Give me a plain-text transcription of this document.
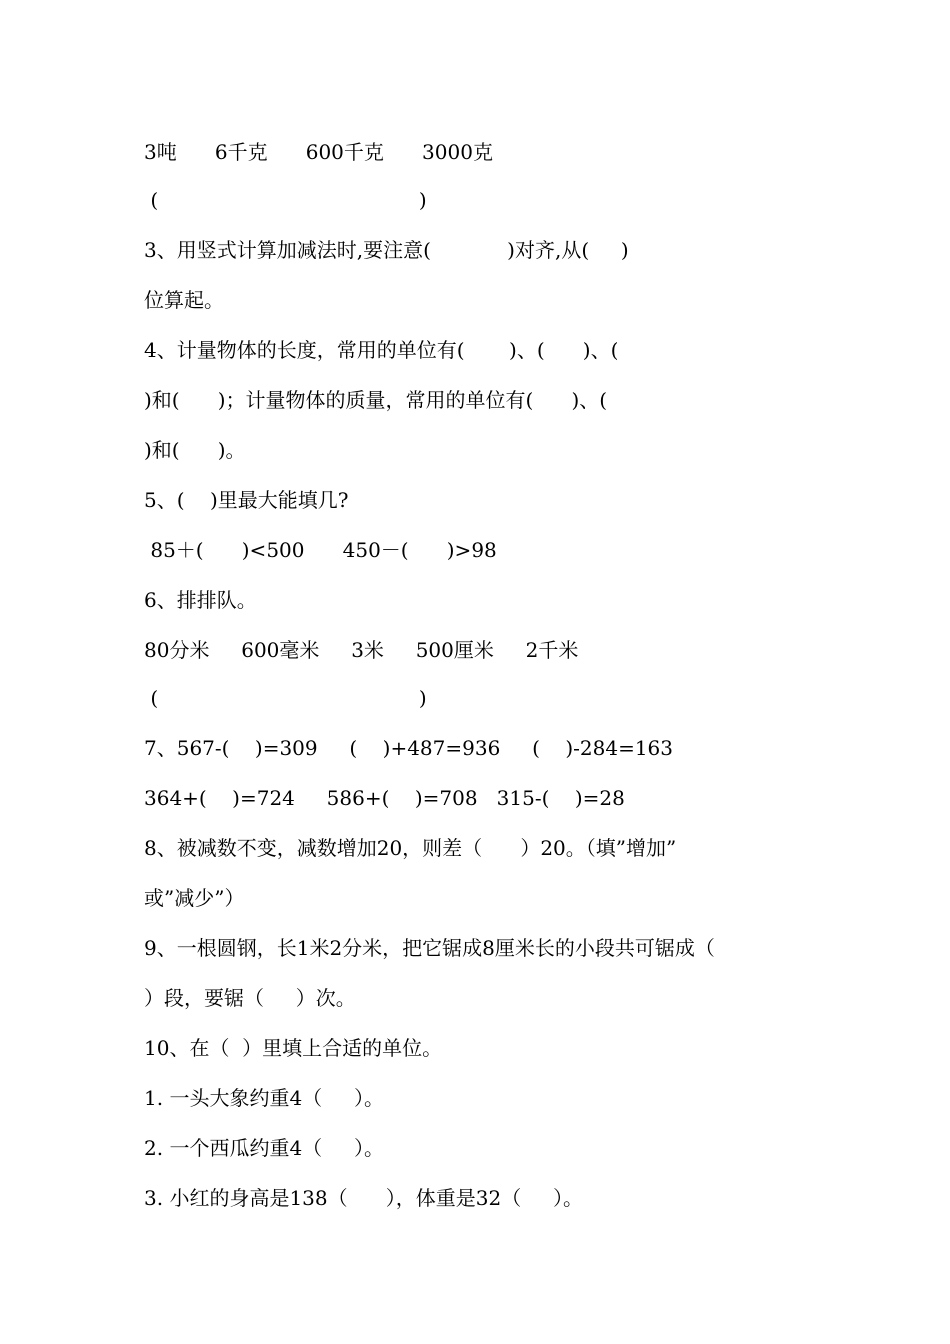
3吨      6千克      600千克      3000克
(                                         )
3、用竖式计算加减法时,要注意(            )对齐,从(     )
位算起。
4、计量物体的长度，常用的单位有(       )、(      )、(
)和(      )；计量物体的质量，常用的单位有(      )、(
)和(      )。
5、(    )里最大能填几?
85＋(      )<500      450－(      )>98
6、排排队。
80分米     600毫米     3米     500厘米     2千米
(                                         )
7、567-(    )=309     (    )+487=936     (    )-284=163
364+(    )=724     586+(    )=708   315-(    )=28
8、被减数不变，减数增加20，则差（      ）20。（填”增加”
或”减少”）
9、一根圆钢，长1米2分米，把它锯成8厘米长的小段共可锯成（
）段，要锯（     ）次。
10、在（  ）里填上合适的单位。
1. 一头大象约重4（     ）。
2. 一个西瓜约重4（     ）。
3. 小红的身高是138（      ），体重是32（     ）。
